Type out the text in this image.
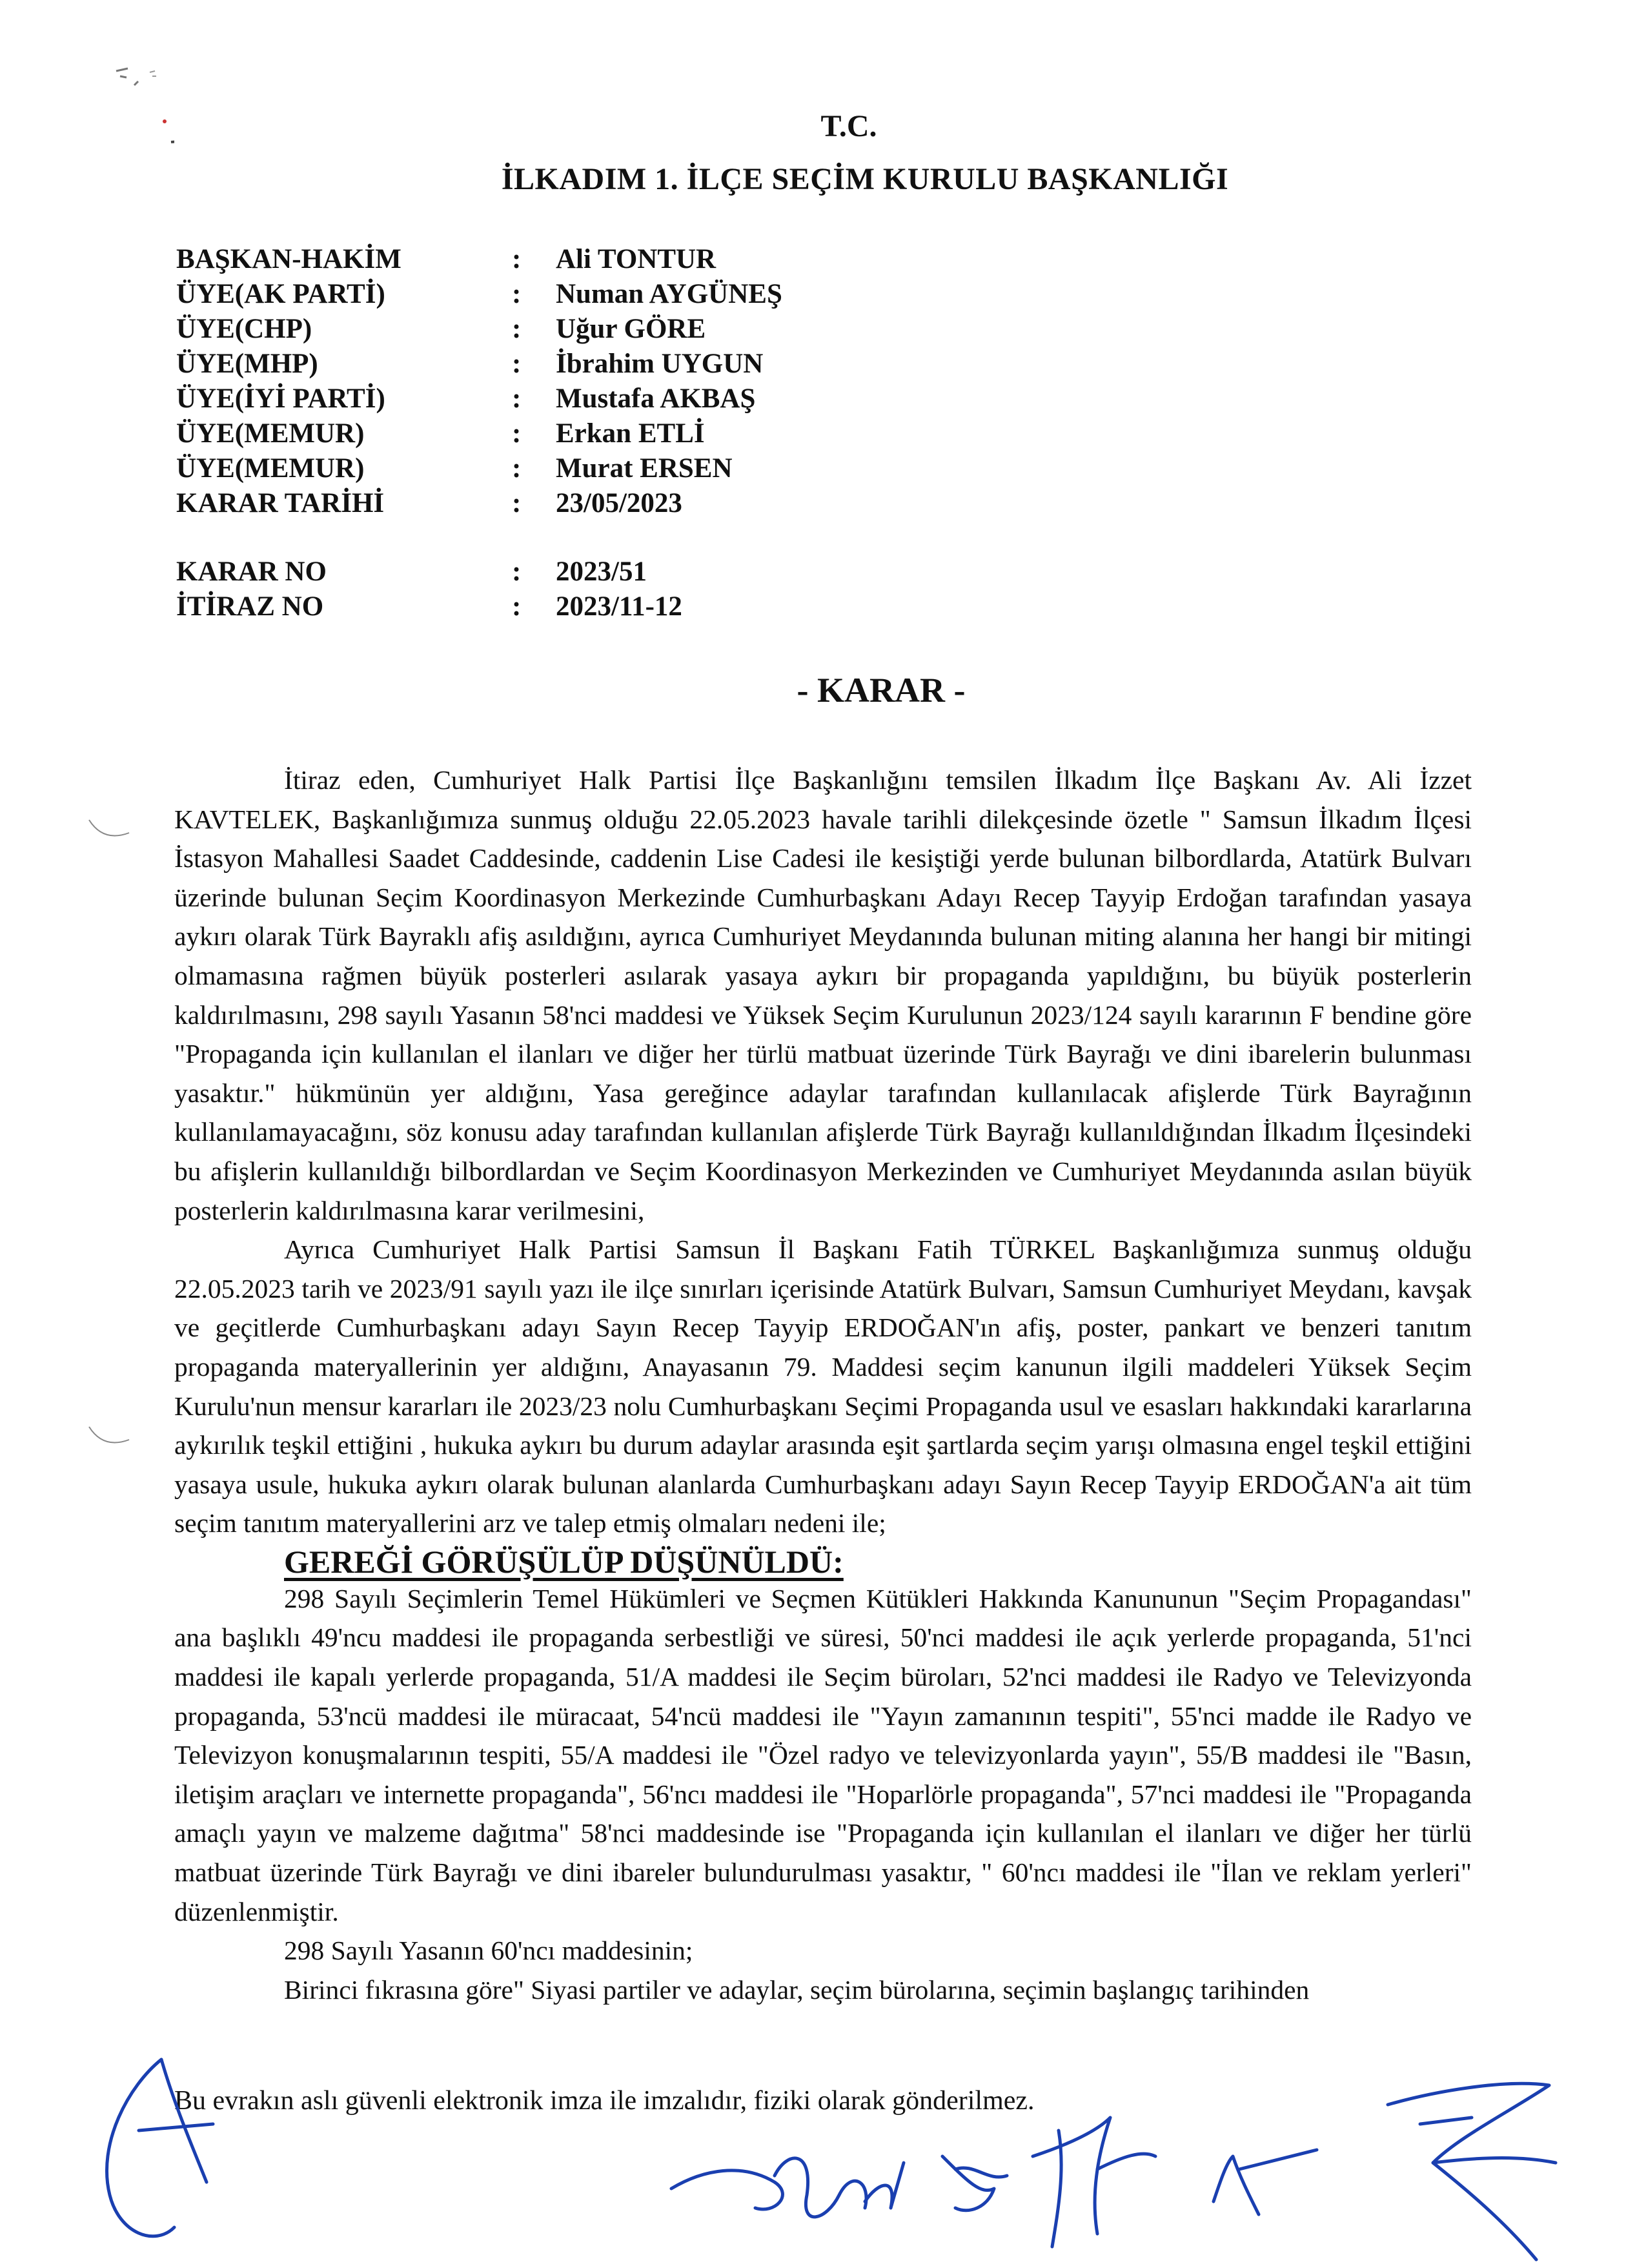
T.C.
İLKADIM 1. İLÇE SEÇİM KURULU BAŞKANLIĞI
BAŞKAN-HAKİM	:	Ali TONTUR
ÜYE(AK PARTİ)	:	Numan AYGÜNEŞ
ÜYE(CHP)	:	Uğur GÖRE
ÜYE(MHP)	:	İbrahim UYGUN
ÜYE(İYİ PARTİ)	:	Mustafa AKBAŞ
ÜYE(MEMUR)	:	Erkan ETLİ
ÜYE(MEMUR)	:	Murat ERSEN
KARAR TARİHİ	:	23/05/2023
KARAR NO	:	2023/51
İTİRAZ NO	:	2023/11-12
- KARAR -

İtiraz eden, Cumhuriyet Halk Partisi İlçe Başkanlığını temsilen İlkadım İlçe Başkanı Av. Ali İzzet KAVTELEK, Başkanlığımıza sunmuş olduğu 22.05.2023 havale tarihli dilekçesinde özetle " Samsun İlkadım İlçesi İstasyon Mahallesi Saadet Caddesinde, caddenin Lise Cadesi ile kesiştiği yerde bulunan bilbordlarda, Atatürk Bulvarı üzerinde bulunan Seçim Koordinasyon Merkezinde Cumhurbaşkanı Adayı Recep Tayyip Erdoğan tarafından yasaya aykırı olarak Türk Bayraklı afiş asıldığını, ayrıca Cumhuriyet Meydanında bulunan miting alanına her hangi bir mitingi olmamasına rağmen büyük posterleri asılarak yasaya aykırı bir propaganda yapıldığını, bu büyük posterlerin kaldırılmasını, 298 sayılı Yasanın 58'nci maddesi ve Yüksek Seçim Kurulunun 2023/124 sayılı kararının F bendine göre "Propaganda için kullanılan el ilanları ve diğer her türlü matbuat üzerinde Türk Bayrağı ve dini ibarelerin bulunması yasaktır." hükmünün yer aldığını, Yasa gereğince adaylar tarafından kullanılacak afişlerde Türk Bayrağının kullanılamayacağını, söz konusu aday tarafından kullanılan afişlerde Türk Bayrağı kullanıldığından İlkadım İlçesindeki bu afişlerin kullanıldığı bilbordlardan ve Seçim Koordinasyon Merkezinden ve Cumhuriyet Meydanında asılan büyük posterlerin kaldırılmasına karar verilmesini,

Ayrıca Cumhuriyet Halk Partisi Samsun İl Başkanı Fatih TÜRKEL Başkanlığımıza sunmuş olduğu 22.05.2023 tarih ve 2023/91 sayılı yazı ile ilçe sınırları içerisinde Atatürk Bulvarı, Samsun Cumhuriyet Meydanı, kavşak ve geçitlerde Cumhurbaşkanı adayı Sayın Recep Tayyip ERDOĞAN'ın afiş, poster, pankart ve benzeri tanıtım propaganda materyallerinin yer aldığını, Anayasanın 79. Maddesi seçim kanunun ilgili maddeleri Yüksek Seçim Kurulu'nun mensur kararları ile 2023/23 nolu Cumhurbaşkanı Seçimi Propaganda usul ve esasları hakkındaki kararlarına aykırılık teşkil ettiğini , hukuka aykırı bu durum adaylar arasında eşit şartlarda seçim yarışı olmasına engel teşkil ettiğini yasaya usule, hukuka aykırı olarak bulunan alanlarda Cumhurbaşkanı adayı Sayın Recep Tayyip ERDOĞAN'a ait tüm seçim tanıtım materyallerini arz ve talep etmiş olmaları nedeni ile;

GEREĞİ GÖRÜŞÜLÜP DÜŞÜNÜLDÜ:

298 Sayılı Seçimlerin Temel Hükümleri ve Seçmen Kütükleri Hakkında Kanununun "Seçim Propagandası" ana başlıklı 49'ncu maddesi ile propaganda serbestliği ve süresi, 50'nci maddesi ile açık yerlerde propaganda, 51'nci maddesi ile kapalı yerlerde propaganda, 51/A maddesi ile Seçim büroları, 52'nci maddesi ile Radyo ve Televizyonda propaganda, 53'ncü maddesi ile müracaat, 54'ncü maddesi ile "Yayın zamanının tespiti", 55'nci madde ile Radyo ve Televizyon konuşmalarının tespiti, 55/A maddesi ile "Özel radyo ve televizyonlarda yayın", 55/B maddesi ile "Basın, iletişim araçları ve internette propaganda", 56'ncı maddesi ile "Hoparlörle propaganda", 57'nci maddesi ile "Propaganda amaçlı yayın ve malzeme dağıtma" 58'nci maddesinde ise "Propaganda için kullanılan el ilanları ve diğer her türlü matbuat üzerinde Türk Bayrağı ve dini ibareler bulundurulması yasaktır, " 60'ncı maddesi ile "İlan ve reklam yerleri" düzenlenmiştir.

298 Sayılı Yasanın 60'ncı maddesinin;

Birinci fıkrasına göre" Siyasi partiler ve adaylar, seçim bürolarına, seçimin başlangıç tarihinden

Bu evrakın aslı güvenli elektronik imza ile imzalıdır, fiziki olarak gönderilmez.
